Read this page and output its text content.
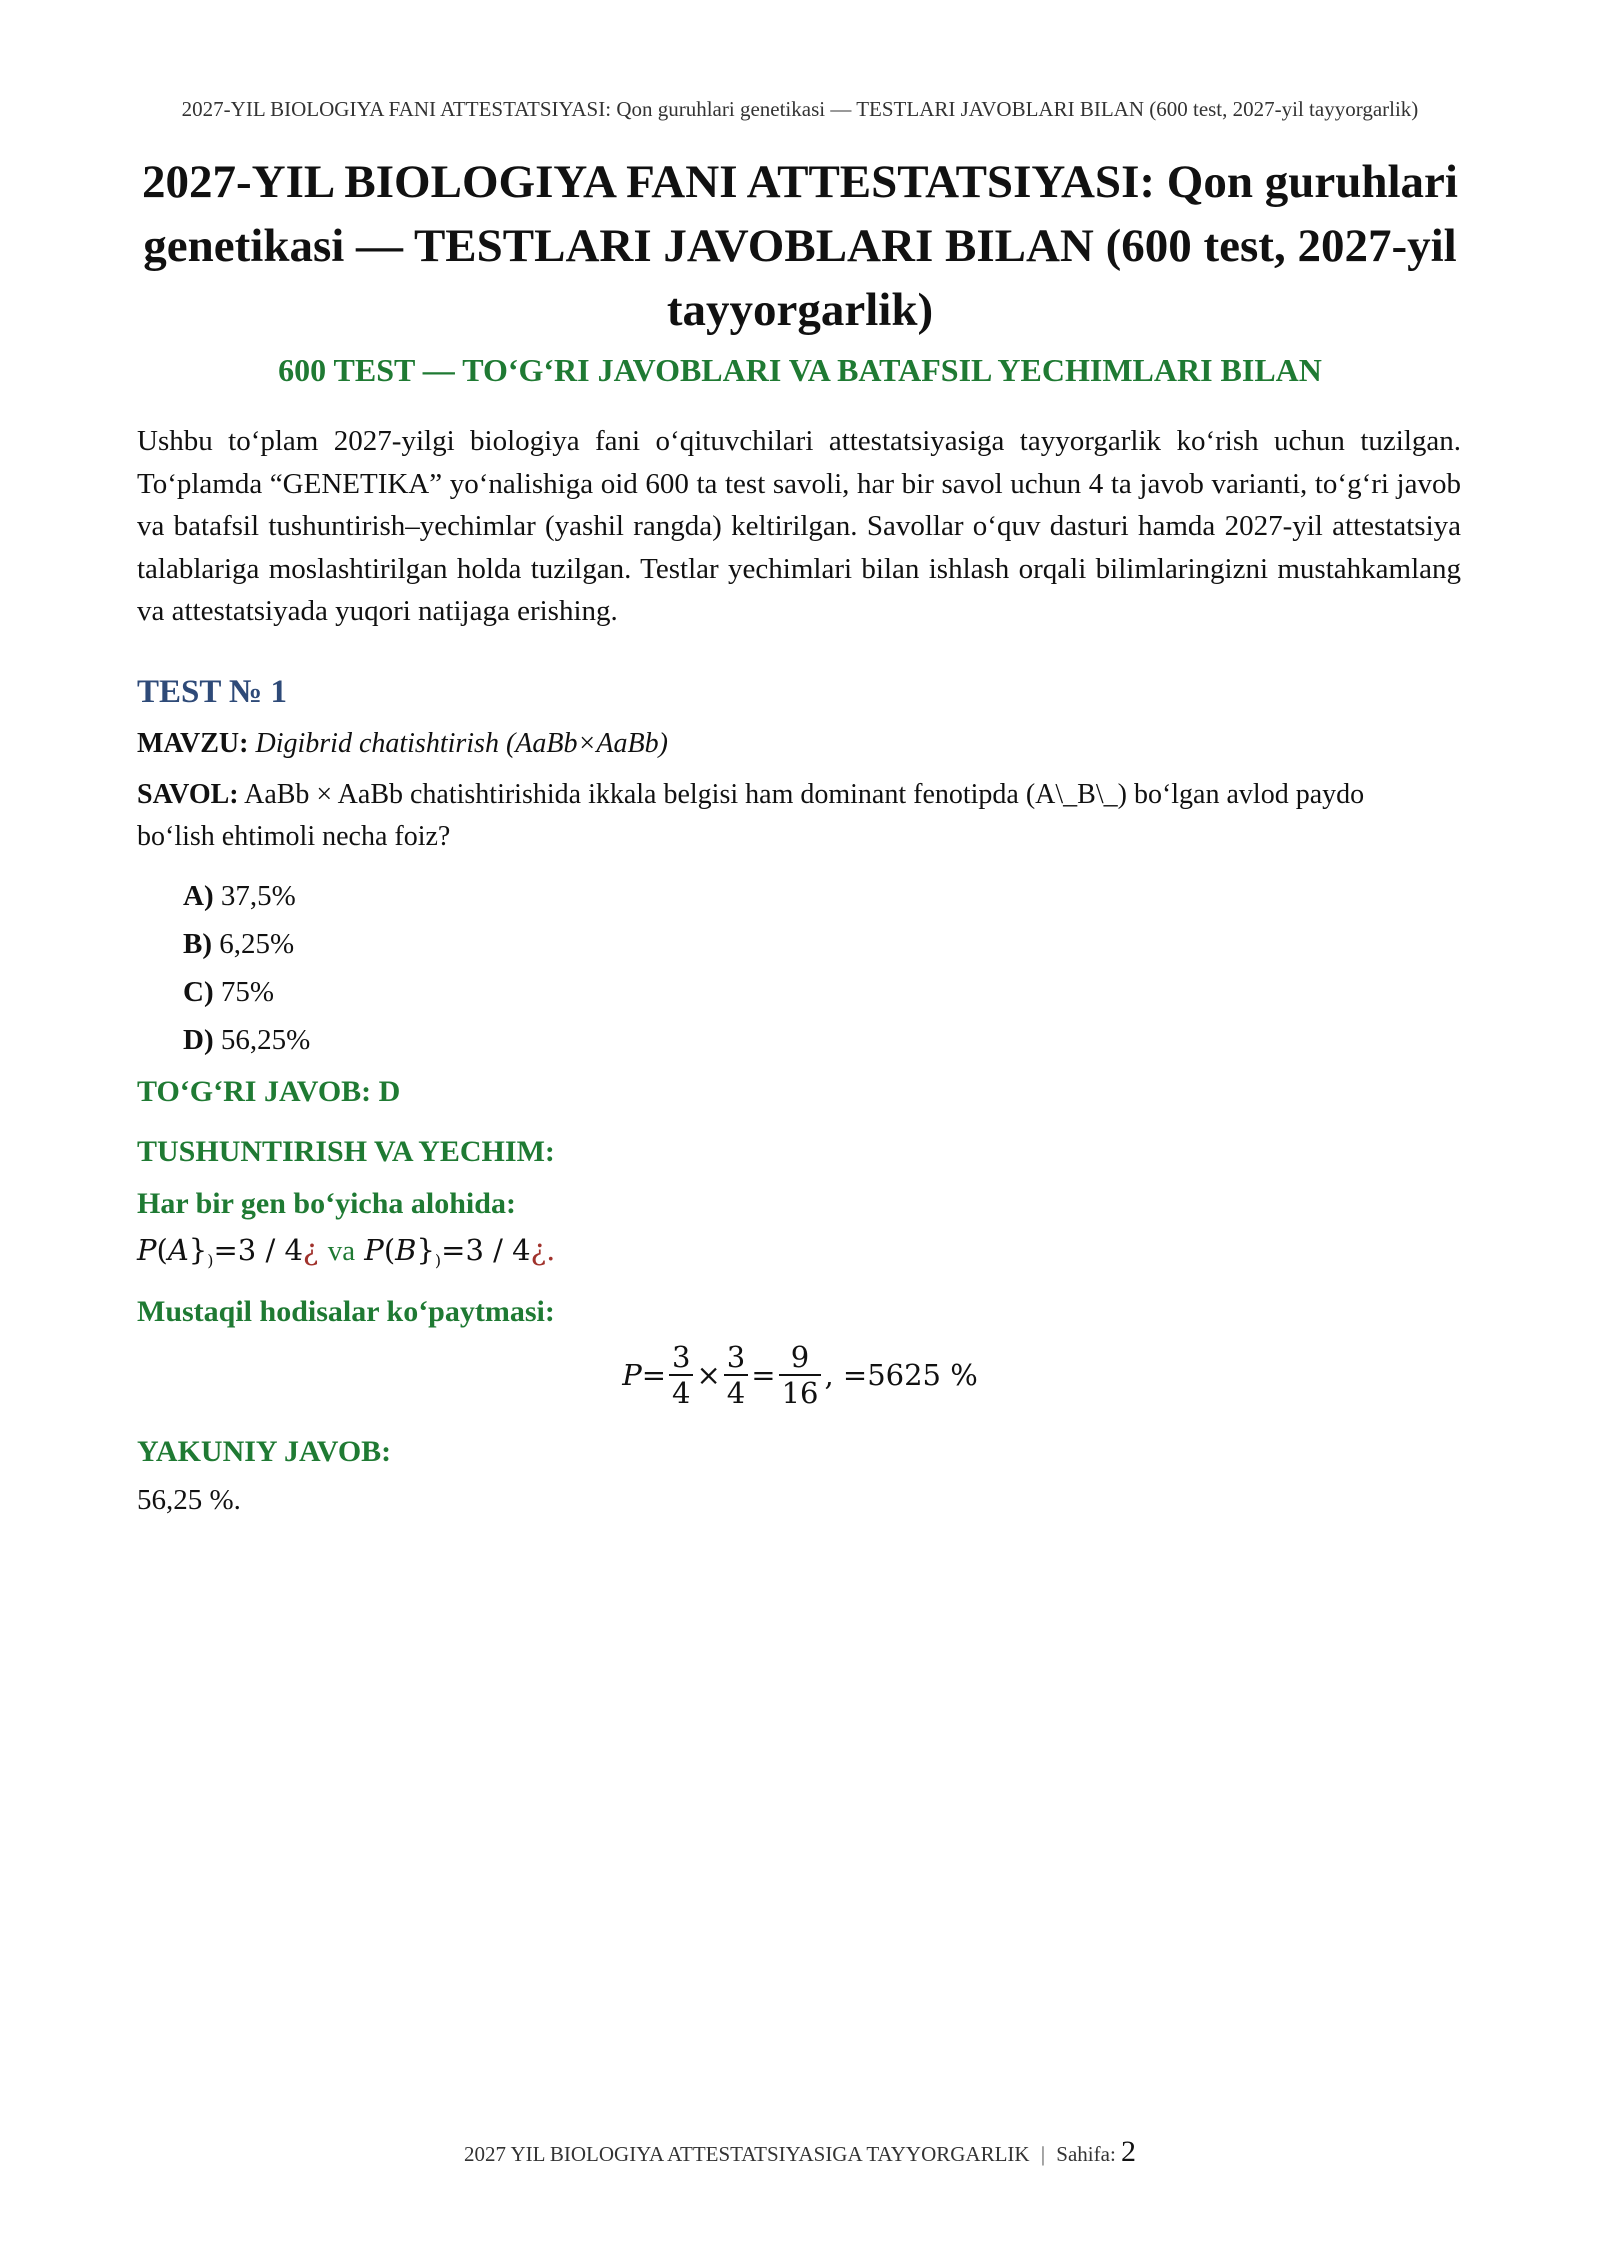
2027-YIL BIOLOGIYA FANI ATTESTATSIYASI: Qon guruhlari genetikasi — TESTLARI JAVOBLARI BILAN (600 test, 2027-yil tayyorgarlik)
2027-YIL BIOLOGIYA FANI ATTESTATSIYASI: Qon guruhlari genetikasi — TESTLARI JAVOBLARI BILAN (600 test, 2027-yil tayyorgarlik)
600 TEST — TO‘G‘RI JAVOBLARI VA BATAFSIL YECHIMLARI BILAN
Ushbu to‘plam 2027-yilgi biologiya fani o‘qituvchilari attestatsiyasiga tayyorgarlik ko‘rish uchun tuzilgan. To‘plamda “GENETIKA” yo‘nalishiga oid 600 ta test savoli, har bir savol uchun 4 ta javob varianti, to‘g‘ri javob va batafsil tushuntirish–yechimlar (yashil rangda) keltirilgan. Savollar o‘quv dasturi hamda 2027-yil attestatsiya talablariga moslashtirilgan holda tuzilgan. Testlar yechimlari bilan ishlash orqali bilimlaringizni mustahkamlang va attestatsiyada yuqori natijaga erishing.
TEST № 1
MAVZU: Digibrid chatishtirish (AaBb×AaBb)
SAVOL: AaBb × AaBb chatishtirishida ikkala belgisi ham dominant fenotipda (A\_B\_) bo‘lgan avlod paydo bo‘lish ehtimoli necha foiz?
A) 37,5%
B) 6,25%
C) 75%
D) 56,25%
TO‘G‘RI JAVOB: D
TUSHUNTIRISH VA YECHIM:
Har bir gen bo‘yicha alohida:
$P(A\}_)=3$ / 4¿ va $P(B\}_)=3$ / 4¿.
Mustaqil hodisalar ko‘paytmasi:
$P= \frac{3}{4} \times \frac{3}{4} = \frac{9}{16}$ , =5625 %
YAKUNIY JAVOB:
56,25 %.
2027 YIL BIOLOGIYA ATTESTATSIYASIGA TAYYORGARLIK | Sahifa: 2
